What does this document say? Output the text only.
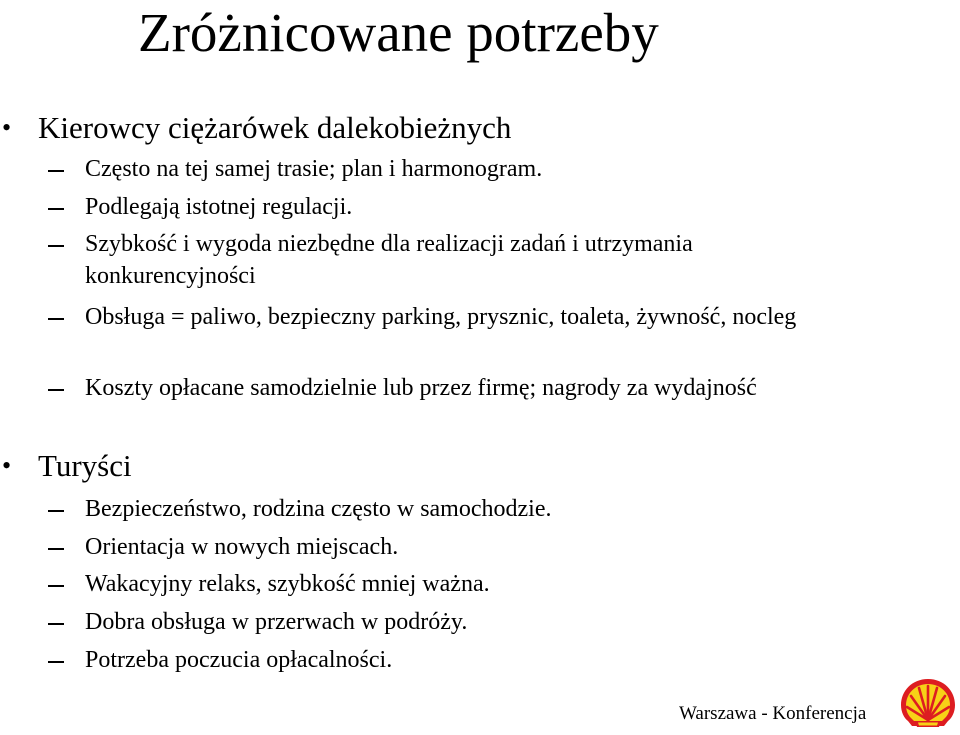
Zróżnicowane potrzeby
• Kierowcy ciężarówek dalekobieżnych
Często na tej samej trasie; plan i harmonogram.
Podlegają istotnej regulacji.
Szybkość i wygoda niezbędne dla realizacji zadań i utrzymania konkurencyjności
Obsługa = paliwo, bezpieczny parking, prysznic, toaleta, żywność, nocleg
Koszty opłacane samodzielnie lub przez firmę; nagrody za wydajność
• Turyści
Bezpieczeństwo, rodzina często w samochodzie.
Orientacja w nowych miejscach.
Wakacyjny relaks, szybkość mniej ważna.
Dobra obsługa w przerwach w podróży.
Potrzeba poczucia opłacalności.
Warszawa - Konferencja
